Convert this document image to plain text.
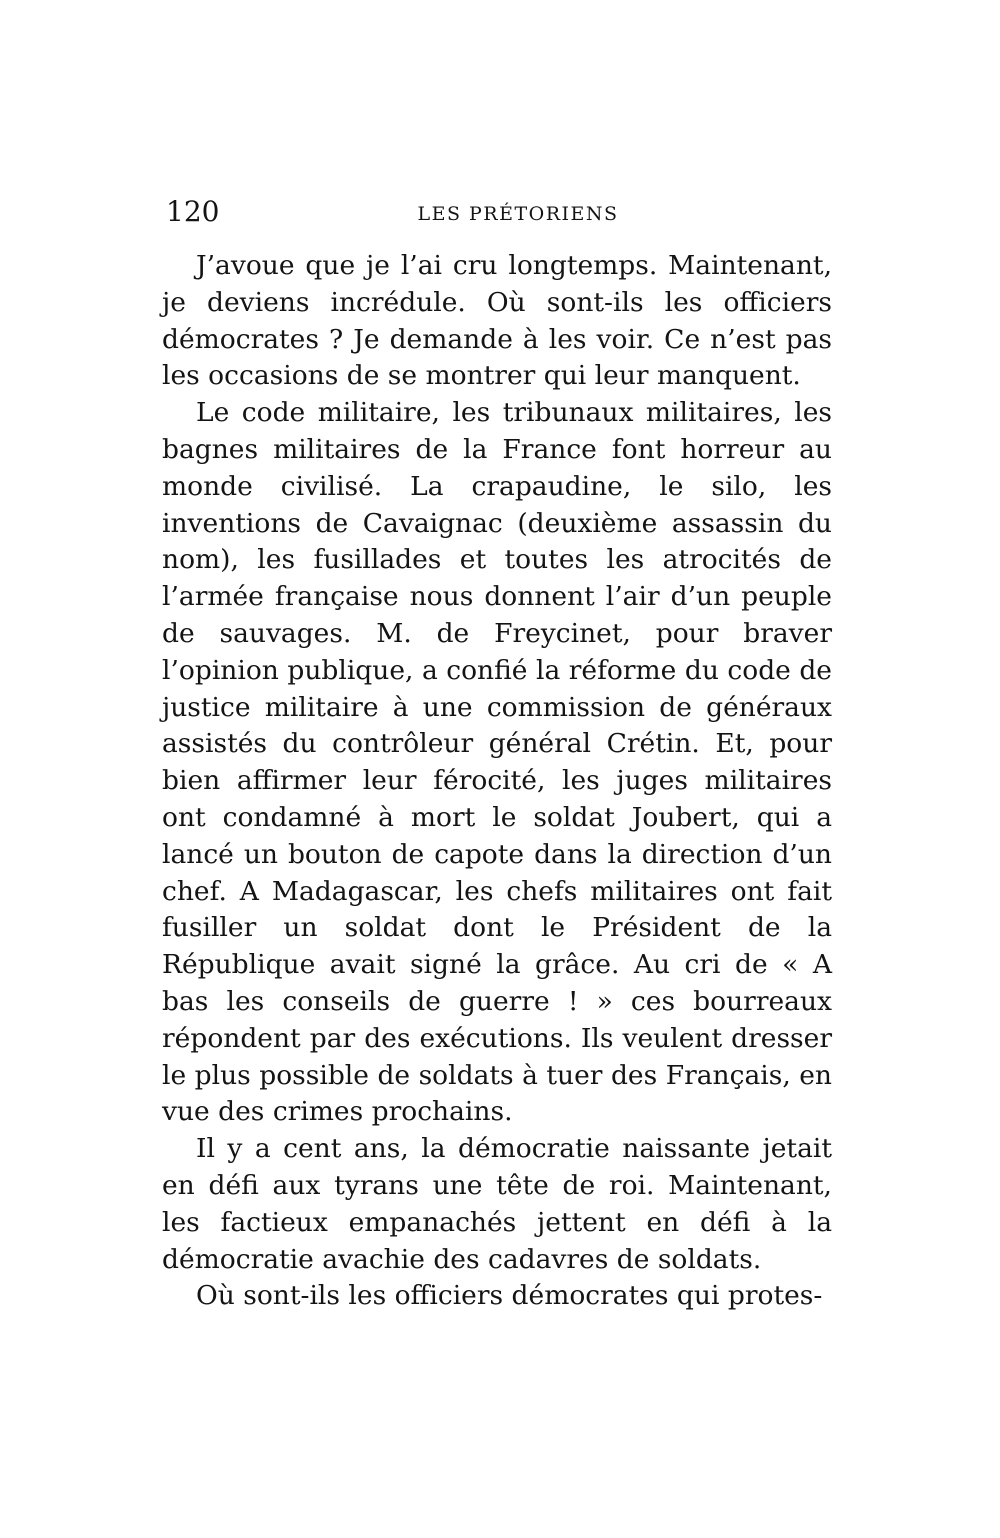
120	LES PRÉTORIENS

J’avoue que je l’ai cru longtemps. Maintenant, je deviens incrédule. Où sont-ils les officiers démocrates ? Je demande à les voir. Ce n’est pas les occasions de se montrer qui leur manquent.

Le code militaire, les tribunaux militaires, les bagnes militaires de la France font horreur au monde civilisé. La crapaudine, le silo, les inventions de Cavaignac (deuxième assassin du nom), les fusillades et toutes les atrocités de l’armée française nous donnent l’air d’un peuple de sauvages. M. de Freycinet, pour braver l’opinion publique, a confié la réforme du code de justice militaire à une commission de généraux assistés du contrôleur général Crétin. Et, pour bien affirmer leur férocité, les juges militaires ont condamné à mort le soldat Joubert, qui a lancé un bouton de capote dans la direction d’un chef. A Madagascar, les chefs militaires ont fait fusiller un soldat dont le Président de la République avait signé la grâce. Au cri de « A bas les conseils de guerre ! » ces bourreaux répondent par des exécutions. Ils veulent dresser le plus possible de soldats à tuer des Français, en vue des crimes prochains.

Il y a cent ans, la démocratie naissante jetait en défi aux tyrans une tête de roi. Maintenant, les factieux empanachés jettent en défi à la démocratie avachie des cadavres de soldats.

Où sont-ils les officiers démocrates qui protes-
